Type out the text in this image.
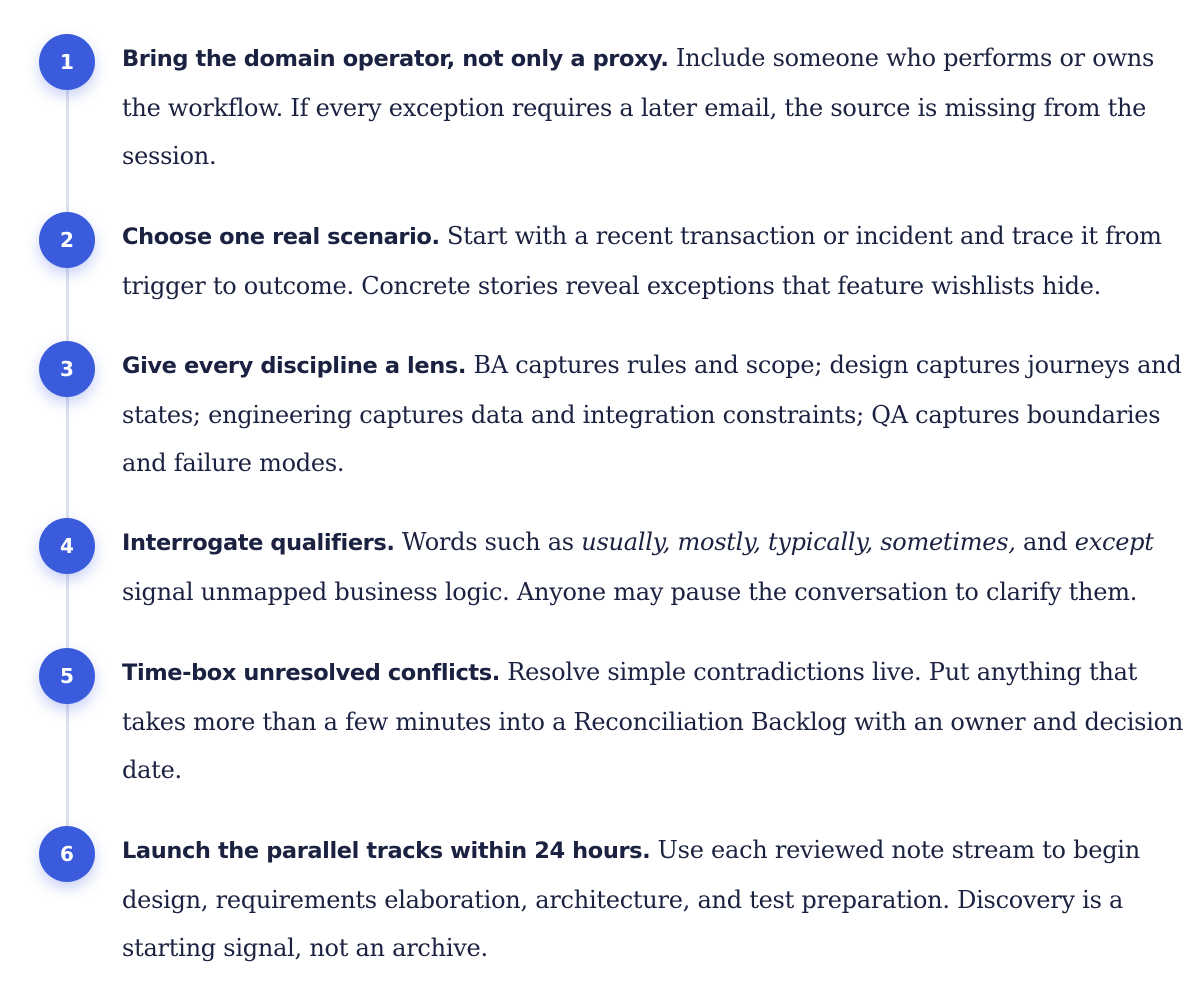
1	Bring the domain operator, not only a proxy. Include someone who performs or owns the workflow. If every exception requires a later email, the source is missing from the session.

2	Choose one real scenario. Start with a recent transaction or incident and trace it from trigger to outcome. Concrete stories reveal exceptions that feature wishlists hide.

3	Give every discipline a lens. BA captures rules and scope; design captures journeys and states; engineering captures data and integration constraints; QA captures boundaries and failure modes.

4	Interrogate qualifiers. Words such as usually, mostly, typically, sometimes, and except signal unmapped business logic. Anyone may pause the conversation to clarify them.

5	Time-box unresolved conflicts. Resolve simple contradictions live. Put anything that takes more than a few minutes into a Reconciliation Backlog with an owner and decision date.

6	Launch the parallel tracks within 24 hours. Use each reviewed note stream to begin design, requirements elaboration, architecture, and test preparation. Discovery is a starting signal, not an archive.
